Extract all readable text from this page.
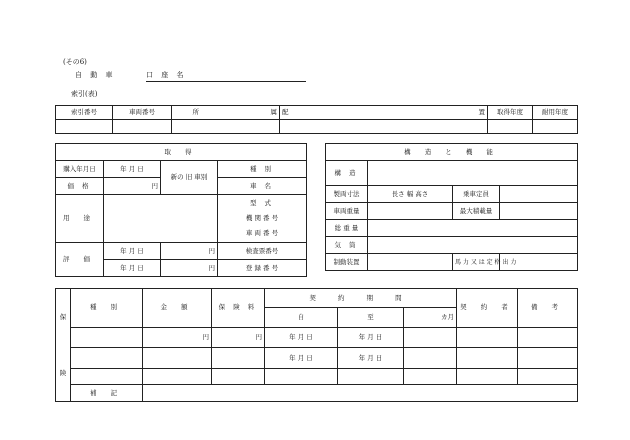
(その6)
自 動 車	口 座 名
索引(表)
索引番号	車両番号	所	属	配	置	取得年度	耐用年度

取 得			
購入年月日	年 月 日	新の 旧 車別	種 別
価 格	円		車 名
用 途			型 式
機 関 番 号
車 両 番 号

評 価	年 月 日	円	検査票番号
	年 月 日	円	登 録 番 号
構 造 と 機 能			
構 造			
製両寸法	長さ 幅 高さ	乗車定員	
車両重量		最大積載量	
総 重 量			
気 筒			
制動装置		馬 力 又 は 定 格 出 力	
保 険	種 別	金 額	保 険 料	契 約 期 間			契 約 者	備 考
				自	至	カ月		
		円	円	年 月 日	年 月 日			
				年 月 日	年 月 日			

	補 記							
